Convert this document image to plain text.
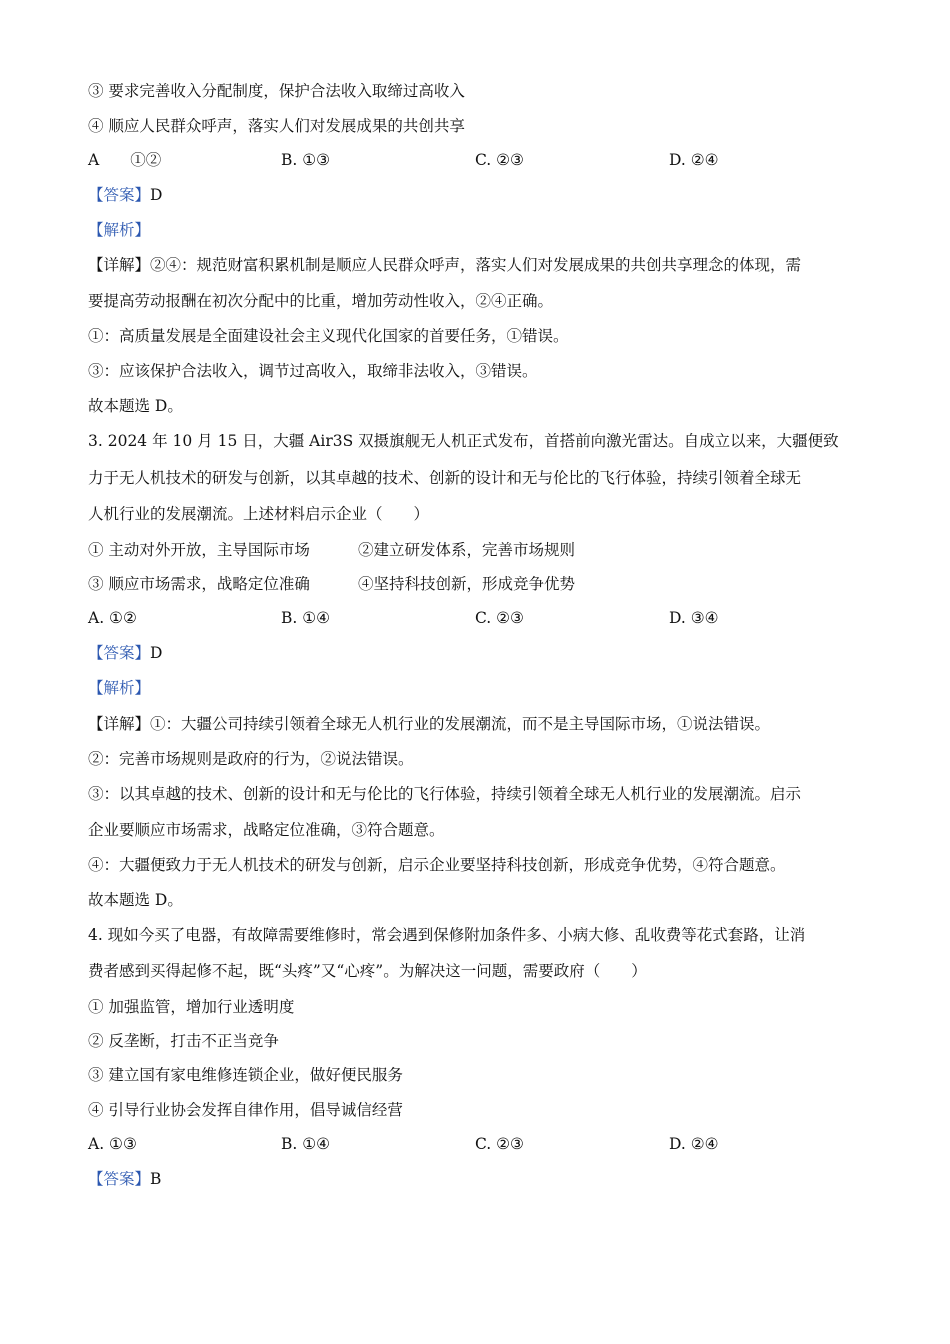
③ 要求完善收入分配制度，保护合法收入取缔过高收入
④ 顺应人民群众呼声，落实人们对发展成果的共创共享
A　　①②	B. ①③	C. ②③	D. ②④
【答案】D
【解析】
【详解】②④：规范财富积累机制是顺应人民群众呼声，落实人们对发展成果的共创共享理念的体现，需
要提高劳动报酬在初次分配中的比重，增加劳动性收入，②④正确。
①：高质量发展是全面建设社会主义现代化国家的首要任务，①错误。
③：应该保护合法收入，调节过高收入，取缔非法收入，③错误。
故本题选 D。
3. 2024 年 10 月 15 日，大疆 Air3S 双摄旗舰无人机正式发布，首搭前向激光雷达。自成立以来，大疆便致
力于无人机技术的研发与创新，以其卓越的技术、创新的设计和无与伦比的飞行体验，持续引领着全球无
人机行业的发展潮流。上述材料启示企业（　　）
① 主动对外开放，主导国际市场	②建立研发体系，完善市场规则
③ 顺应市场需求，战略定位准确	④坚持科技创新，形成竞争优势
A. ①②	B. ①④	C. ②③	D. ③④
【答案】D
【解析】
【详解】①：大疆公司持续引领着全球无人机行业的发展潮流，而不是主导国际市场，①说法错误。
②：完善市场规则是政府的行为，②说法错误。
③：以其卓越的技术、创新的设计和无与伦比的飞行体验，持续引领着全球无人机行业的发展潮流。启示
企业要顺应市场需求，战略定位准确，③符合题意。
④：大疆便致力于无人机技术的研发与创新，启示企业要坚持科技创新，形成竞争优势，④符合题意。
故本题选 D。
4. 现如今买了电器，有故障需要维修时，常会遇到保修附加条件多、小病大修、乱收费等花式套路，让消
费者感到买得起修不起，既“头疼”又“心疼”。为解决这一问题，需要政府（　　）
① 加强监管，增加行业透明度
② 反垄断，打击不正当竞争
③ 建立国有家电维修连锁企业，做好便民服务
④ 引导行业协会发挥自律作用，倡导诚信经营
A. ①③	B. ①④	C. ②③	D. ②④
【答案】B
